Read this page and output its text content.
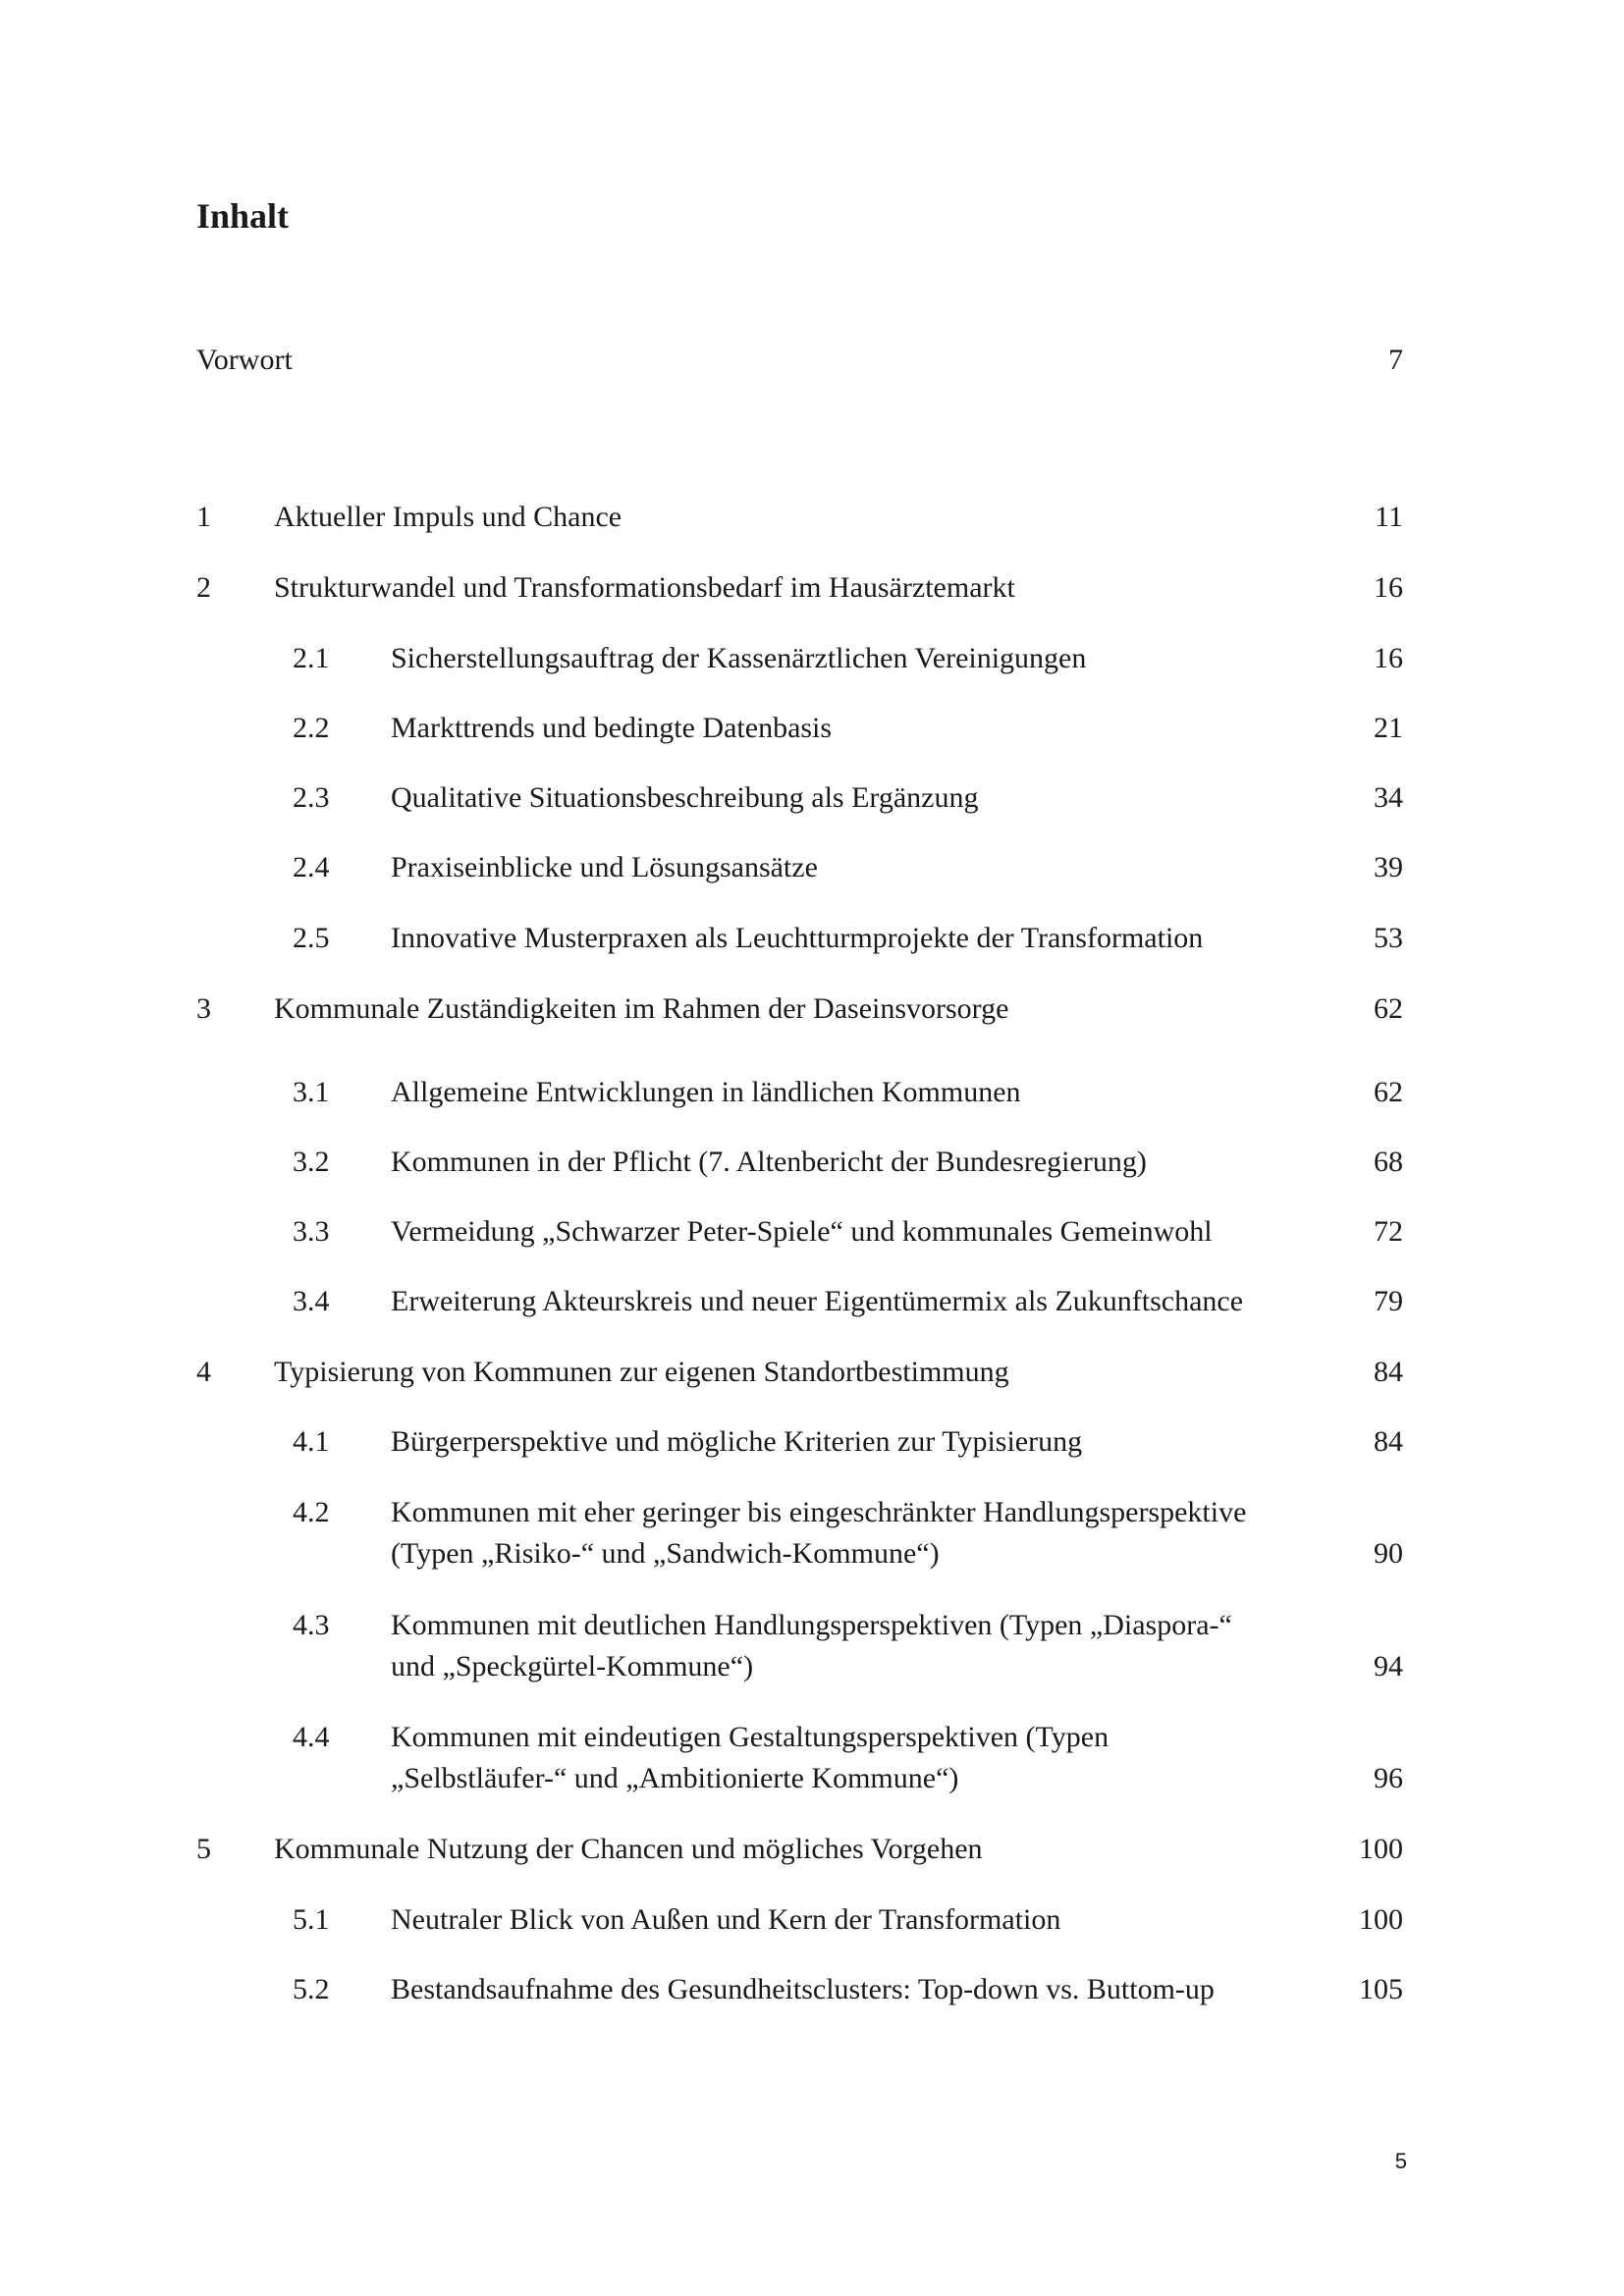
Inhalt
Vorwort	7
1 Aktueller Impuls und Chance	11
2 Strukturwandel und Transformationsbedarf im Hausärztemarkt	16
2.1 Sicherstellungsauftrag der Kassenärztlichen Vereinigungen	16
2.2 Markttrends und bedingte Datenbasis	21
2.3 Qualitative Situationsbeschreibung als Ergänzung	34
2.4 Praxiseinblicke und Lösungsansätze	39
2.5 Innovative Musterpraxen als Leuchtturmprojekte der Transformation	53
3 Kommunale Zuständigkeiten im Rahmen der Daseinsvorsorge	62
3.1 Allgemeine Entwicklungen in ländlichen Kommunen	62
3.2 Kommunen in der Pflicht (7. Altenbericht der Bundesregierung)	68
3.3 Vermeidung „Schwarzer Peter-Spiele“ und kommunales Gemeinwohl	72
3.4 Erweiterung Akteurskreis und neuer Eigentümermix als Zukunftschance	79
4 Typisierung von Kommunen zur eigenen Standortbestimmung	84
4.1 Bürgerperspektive und mögliche Kriterien zur Typisierung	84
4.2 Kommunen mit eher geringer bis eingeschränkter Handlungsperspektive
(Typen „Risiko-“ und „Sandwich-Kommune“)	90
4.3 Kommunen mit deutlichen Handlungsperspektiven (Typen „Diaspora-“
und „Speckgürtel-Kommune“)	94
4.4 Kommunen mit eindeutigen Gestaltungsperspektiven (Typen
„Selbstläufer-“ und „Ambitionierte Kommune“)	96
5 Kommunale Nutzung der Chancen und mögliches Vorgehen	100
5.1 Neutraler Blick von Außen und Kern der Transformation	100
5.2 Bestandsaufnahme des Gesundheitsclusters: Top-down vs. Buttom-up	105
5
